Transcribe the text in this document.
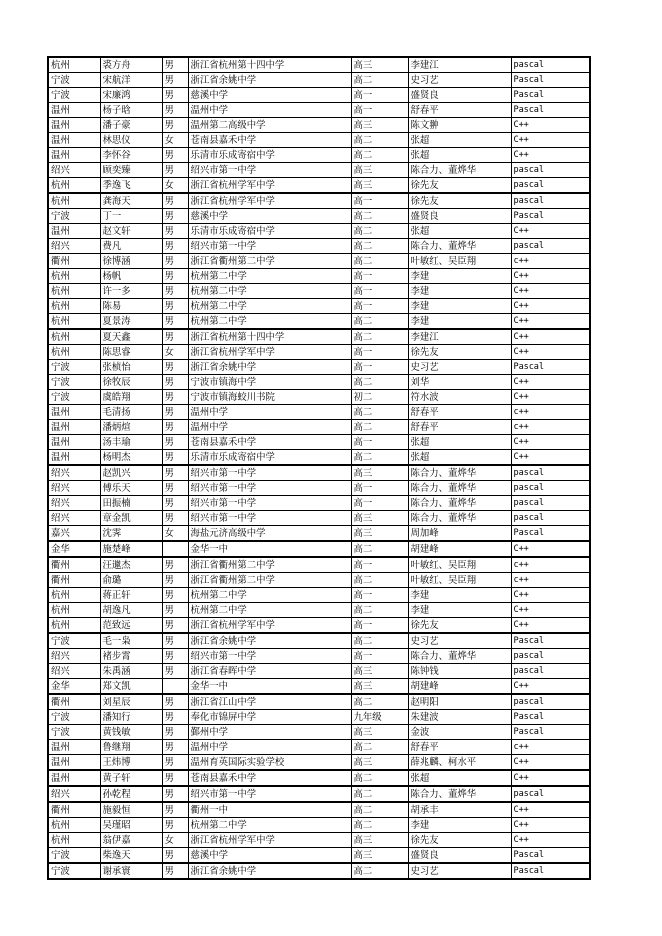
杭州	裘方舟	男	浙江省杭州第十四中学	高三	李建江	pascal
宁波	宋航洋	男	浙江省余姚中学	高二	史习艺	Pascal
宁波	宋廉鸿	男	慈溪中学	高一	盛贤良	Pascal
温州	杨子晗	男	温州中学	高一	舒春平	Pascal
温州	潘子豪	男	温州第二高级中学	高三	陈文翀	C++
温州	林思仪	女	苍南县嘉禾中学	高二	张超	C++
温州	李怀谷	男	乐清市乐成寄宿中学	高二	张超	C++
绍兴	顾奕臻	男	绍兴市第一中学	高三	陈合力、董烨华	pascal
杭州	季逸飞	女	浙江省杭州学军中学	高三	徐先友	pascal
杭州	龚海天	男	浙江省杭州学军中学	高一	徐先友	pascal
宁波	丁一	男	慈溪中学	高二	盛贤良	Pascal
温州	赵文轩	男	乐清市乐成寄宿中学	高二	张超	C++
绍兴	费凡	男	绍兴市第一中学	高二	陈合力、董烨华	pascal
衢州	徐博涵	男	浙江省衢州第二中学	高二	叶敏红、吴臣翔	c++
杭州	杨帆	男	杭州第二中学	高一	李建	C++
杭州	许一多	男	杭州第二中学	高一	李建	C++
杭州	陈易	男	杭州第二中学	高一	李建	C++
杭州	夏景涛	男	杭州第二中学	高二	李建	C++
杭州	夏天鑫	男	浙江省杭州第十四中学	高二	李建江	C++
杭州	陈思睿	女	浙江省杭州学军中学	高一	徐先友	C++
宁波	张桢怡	男	浙江省余姚中学	高一	史习艺	Pascal
宁波	徐牧辰	男	宁波市镇海中学	高二	刘华	C++
宁波	虞皓翔	男	宁波市镇海蛟川书院	初二	符水波	C++
温州	毛清扬	男	温州中学	高二	舒春平	c++
温州	潘炳煊	男	温州中学	高二	舒春平	c++
温州	汤丰瑜	男	苍南县嘉禾中学	高一	张超	C++
温州	杨明杰	男	乐清市乐成寄宿中学	高二	张超	C++
绍兴	赵凯兴	男	绍兴市第一中学	高三	陈合力、董烨华	pascal
绍兴	傅乐天	男	绍兴市第一中学	高一	陈合力、董烨华	pascal
绍兴	田振楠	男	绍兴市第一中学	高一	陈合力、董烨华	pascal
绍兴	章金凯	男	绍兴市第一中学	高三	陈合力、董烨华	pascal
嘉兴	沈霁	女	海盐元济高级中学	高三	周加峰	Pascal
金华	施楚峰		金华一中	高二	胡建峰	C++
衢州	汪邋杰	男	浙江省衢州第二中学	高一	叶敏红、吴臣翔	c++
衢州	俞璐	男	浙江省衢州第二中学	高二	叶敏红、吴臣翔	c++
杭州	蒋正轩	男	杭州第二中学	高一	李建	C++
杭州	胡逸凡	男	杭州第二中学	高二	李建	C++
杭州	范致远	男	浙江省杭州学军中学	高一	徐先友	C++
宁波	毛一枭	男	浙江省余姚中学	高二	史习艺	Pascal
绍兴	褚步霄	男	绍兴市第一中学	高一	陈合力、董烨华	pascal
绍兴	朱禹涵	男	浙江省春晖中学	高三	陈钟钱	pascal
金华	郑文凯		金华一中	高三	胡建峰	C++
衢州	刘星辰	男	浙江省江山中学	高二	赵明阳	pascal
宁波	潘知行	男	奉化市锦屏中学	九年级	朱建波	Pascal
宁波	黄钱敏	男	鄞州中学	高三	金波	Pascal
温州	鲁继翔	男	温州中学	高二	舒春平	c++
温州	王炜博	男	温州育英国际实验学校	高三	薛兆麟、柯水平	C++
温州	黄子轩	男	苍南县嘉禾中学	高二	张超	C++
绍兴	孙乾程	男	绍兴市第一中学	高二	陈合力、董烨华	pascal
衢州	施毅恒	男	衢州一中	高二	胡承丰	C++
杭州	吴瑾昭	男	杭州第二中学	高二	李建	C++
杭州	翁伊嘉	女	浙江省杭州学军中学	高三	徐先友	C++
宁波	柴逸天	男	慈溪中学	高三	盛贤良	Pascal
宁波	谢承寰	男	浙江省余姚中学	高二	史习艺	Pascal
